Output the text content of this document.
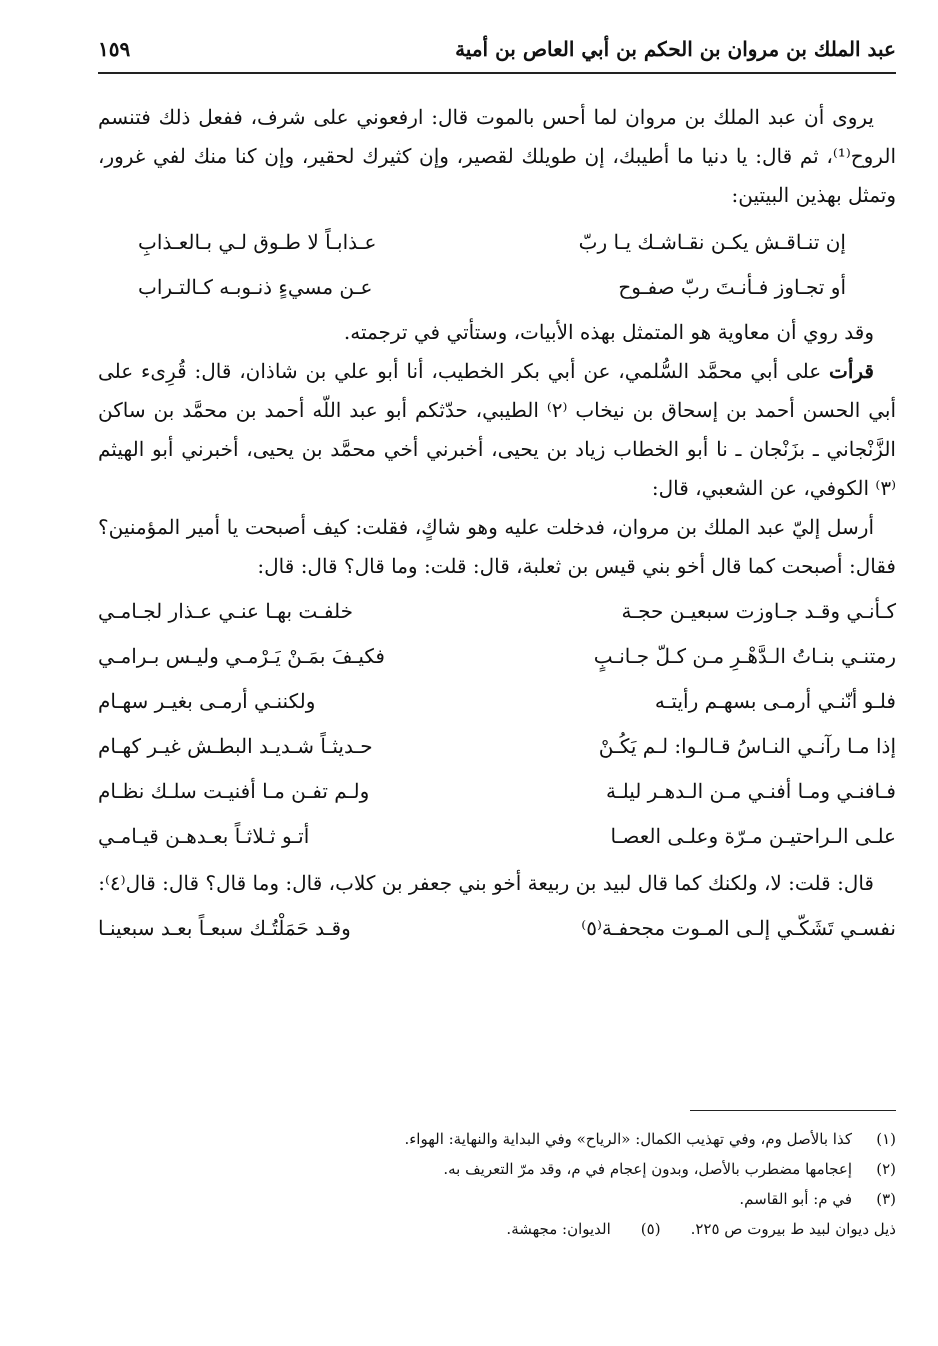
عبد الملك بن مروان بن الحكم بن أبي العاص بن أمية
١٥٩

يروى أن عبد الملك بن مروان لما أحس بالموت قال: ارفعوني على شرف، ففعل ذلك فتنسم الروح⁽¹⁾، ثم قال: يا دنيا ما أطيبك، إن طويلك لقصير، وإن كثيرك لحقير، وإن كنا منك لفي غرور، وتمثل بهذين البيتين:

إن تنـاقـش يكـن نقـاشـك يـا ربّ
عـذابـاً لا طـوق لـي بـالعـذابِ
أو تجـاوز فـأنـتَ ربّ صفـوح
عـن مسيءٍ ذنـوبـه كـالتـراب

وقد روي أن معاوية هو المتمثل بهذه الأبيات، وستأتي في ترجمته.

قرأت على أبي محمَّد السُّلمي، عن أبي بكر الخطيب، أنا أبو علي بن شاذان، قال: قُرِىء على أبي الحسن أحمد بن إسحاق بن نيخاب ⁽٢⁾ الطيبي، حدّثكم أبو عبد اللّه أحمد بن محمَّد بن ساكن الزَّنْجاني ـ بزَنْجان ـ نا أبو الخطاب زياد بن يحيى، أخبرني أخي محمَّد بن يحيى، أخبرني أبو الهيثم ⁽٣⁾ الكوفي، عن الشعبي، قال:

أرسل إليّ عبد الملك بن مروان، فدخلت عليه وهو شاكٍ، فقلت: كيف أصبحت يا أمير المؤمنين؟ فقال: أصبحت كما قال أخو بني قيس بن ثعلبة، قال: قلت: وما قال؟ قال: قال:

كـأنـي وقـد جـاوزت سبعيـن حجـة
خلفـت بهـا عنـي عـذار لجـامـي
رمتنـي بنـاتُ الـدَّهْـرِ مـن كـلّ جـانـبٍ
فكيـفَ بمَـنْ يَـرْمـي وليـس بـرامـي
فلـو أنّنـي أرمـى بسهـم رأيتـه
ولكننـي أرمـى بغيـر سهـام
إذا مـا رآنـي النـاسُ قـالـوا: لـم يَكُـنْ
حـديثـاً شـديـد البطـش غيـر كهـام
فـافنـي ومـا أفنـي مـن الـدهـر ليلـة
ولـم تفـن مـا أفنيـت سلـك نظـام
علـى الـراحتيـن مـرّة وعلـى العصـا
أتـو ثـلاثـاً بعـدهـن قيـامـي

قال: قلت: لا، ولكنك كما قال لبيد بن ربيعة أخو بني جعفر بن كلاب، قال: وما قال؟ قال: قال⁽٤⁾:

نفسـي تَشَكّـي إلـى المـوت مجحفـة⁽٥⁾
وقـد حَمَلْتُـك سبعـاً بعـد سبعينـا
(١)
كذا بالأصل وم، وفي تهذيب الكمال: «الرياح» وفي البداية والنهاية: الهواء.
(٢)
إعجامها مضطرب بالأصل، وبدون إعجام في م، وقد مرّ التعريف به.
(٣)
في م: أبو القاسم.
ذيل ديوان لبيد ط بيروت ص ٢٢٥.
(٥)
الديوان: مجهشة.
